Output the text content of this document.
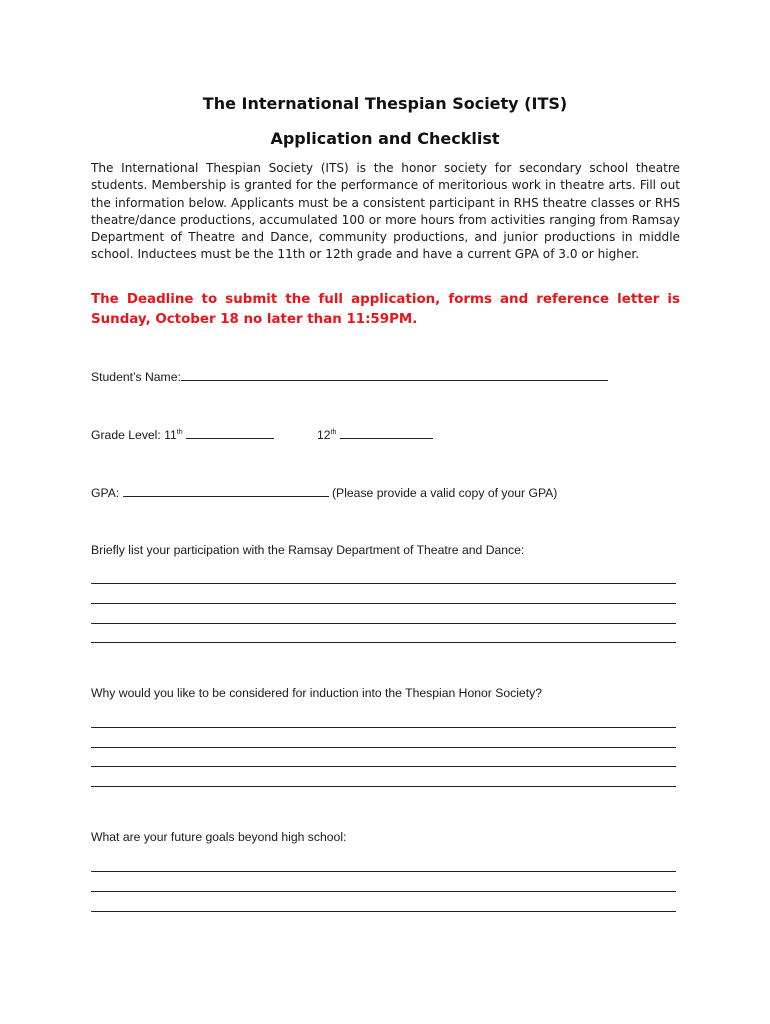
The International Thespian Society (ITS)
Application and Checklist
The International Thespian Society (ITS) is the honor society for secondary school theatre students. Membership is granted for the performance of meritorious work in theatre arts. Fill out the information below. Applicants must be a consistent participant in RHS theatre classes or RHS theatre/dance productions, accumulated 100 or more hours from activities ranging from Ramsay Department of Theatre and Dance, community productions, and junior productions in middle school. Inductees must be the 11th or 12th grade and have a current GPA of 3.0 or higher.
The Deadline to submit the full application, forms and reference letter is Sunday, October 18 no later than 11:59PM.
Student’s Name:
Grade Level: 11th	12th
GPA:	(Please provide a valid copy of your GPA)
Briefly list your participation with the Ramsay Department of Theatre and Dance:
Why would you like to be considered for induction into the Thespian Honor Society?
What are your future goals beyond high school:
